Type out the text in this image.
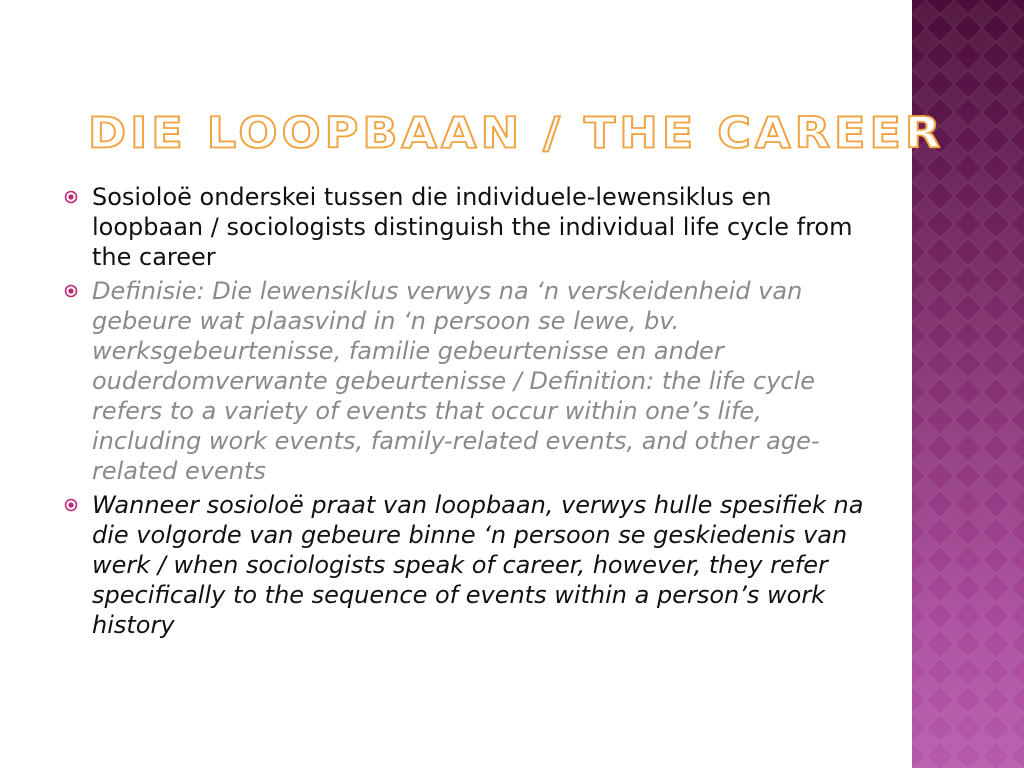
DIE LOOPBAAN / THE CAREER
Sosioloë onderskei tussen die individuele-lewensiklus en loopbaan / sociologists distinguish the individual life cycle from the career
Definisie: Die lewensiklus verwys na ‘n verskeidenheid van gebeure wat plaasvind in ‘n persoon se lewe, bv. werksgebeurtenisse, familie gebeurtenisse en ander ouderdomverwante gebeurtenisse / Definition: the life cycle refers to a variety of events that occur within one’s life, including work events, family-related events, and other age-related events
Wanneer sosioloë praat van loopbaan, verwys hulle spesifiek na die volgorde van gebeure binne ‘n persoon se geskiedenis van werk / when sociologists speak of career, however, they refer specifically to the sequence of events within a person’s work history
